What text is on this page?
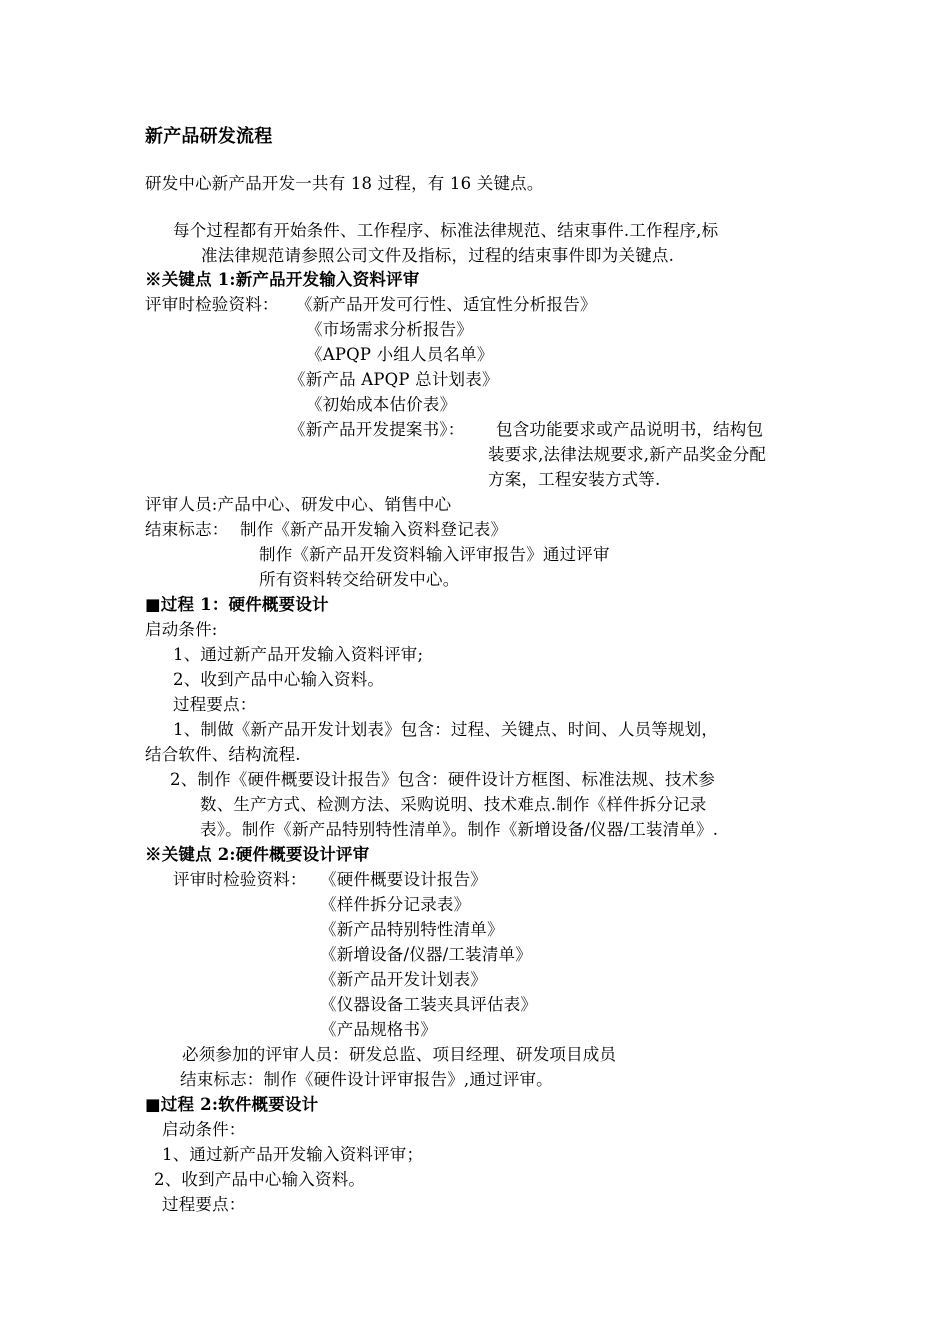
新产品研发流程
研发中心新产品开发一共有 18 过程，有 16 关键点。
每个过程都有开始条件、工作程序、标准法律规范、结束事件.工作程序,标
准法律规范请参照公司文件及指标，过程的结束事件即为关键点.
※关键点 1:新产品开发输入资料评审
评审时检验资料： 《新产品开发可行性、适宜性分析报告》
《市场需求分析报告》
《APQP 小组人员名单》
《新产品 APQP 总计划表》
《初始成本估价表》
《新产品开发提案书》： 包含功能要求或产品说明书，结构包
装要求,法律法规要求,新产品奖金分配
方案，工程安装方式等.
评审人员:产品中心、研发中心、销售中心
结束标志： 制作《新产品开发输入资料登记表》
制作《新产品开发资料输入评审报告》通过评审
所有资料转交给研发中心。
■过程 1：硬件概要设计
启动条件:
1、通过新产品开发输入资料评审;
2、收到产品中心输入资料。
过程要点：
1、制做《新产品开发计划表》包含：过程、关键点、时间、人员等规划，
结合软件、结构流程.
2、制作《硬件概要设计报告》包含：硬件设计方框图、标准法规、技术参
数、生产方式、检测方法、采购说明、技术难点.制作《样件拆分记录
表》。制作《新产品特别特性清单》。制作《新增设备/仪器/工装清单》.
※关键点 2:硬件概要设计评审
评审时检验资料： 《硬件概要设计报告》
《样件拆分记录表》
《新产品特别特性清单》
《新增设备/仪器/工装清单》
《新产品开发计划表》
《仪器设备工装夹具评估表》
《产品规格书》
必须参加的评审人员：研发总监、项目经理、研发项目成员
结束标志：制作《硬件设计评审报告》,通过评审。
■过程 2:软件概要设计
启动条件：
1、通过新产品开发输入资料评审；
2、收到产品中心输入资料。
过程要点：
